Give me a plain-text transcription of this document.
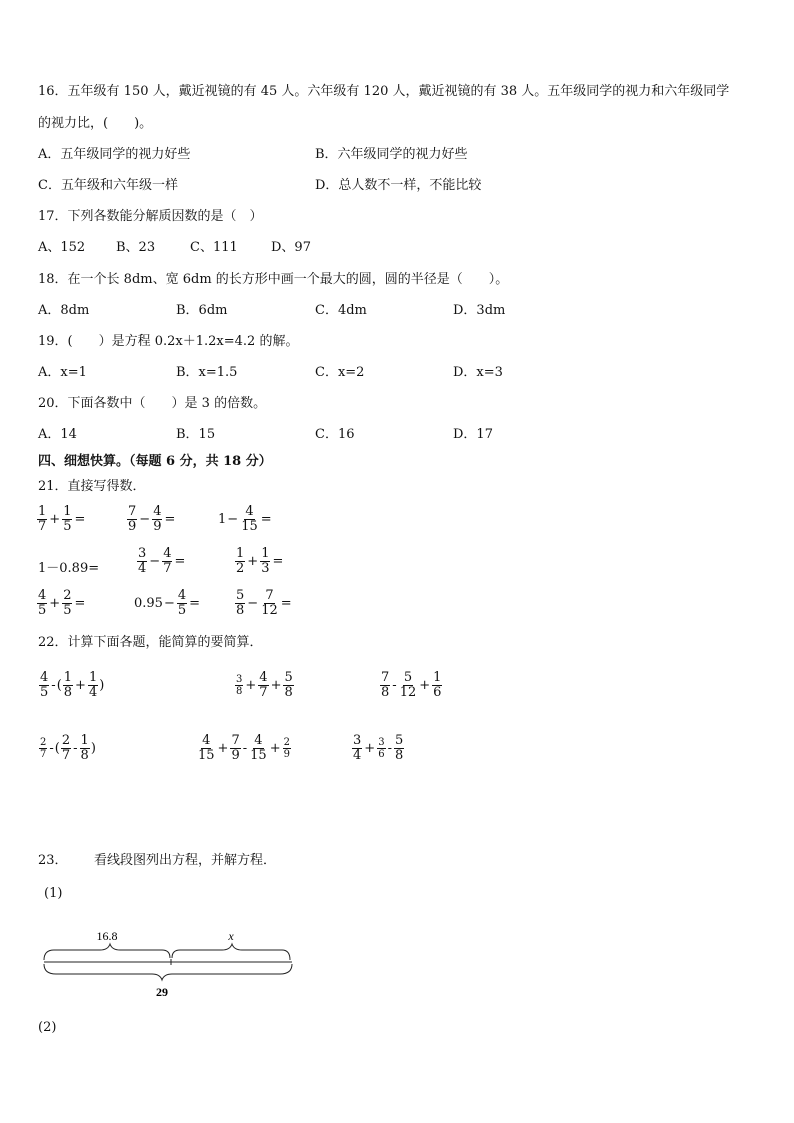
16．五年级有 150 人，戴近视镜的有 45 人。六年级有 120 人，戴近视镜的有 38 人。五年级同学的视力和六年级同学
的视力比，(　　)。
A．五年级同学的视力好些	B．六年级同学的视力好些
C．五年级和六年级一样	D．总人数不一样，不能比较
17．下列各数能分解质因数的是（　）
A、152 B、23	C、111	D、97
18．在一个长 8dm、宽 6dm 的长方形中画一个最大的圆，圆的半径是（　　）。
A．8dm	B．6dm	C．4dm	D．3dm
19．(　　）是方程 0.2x＋1.2x=4.2 的解。
A．x=1	B．x=1.5	C．x=2	D．x=3
20．下面各数中（　　）是 3 的倍数。
A．14	B．15	C．16	D．17
四、细想快算。（每题 6 分，共 18 分）
21．直接写得数．
$\frac{1}{7} + \frac{1}{5}$ =	$\frac{7}{9} - \frac{4}{9}$ =	$1 - \frac{4}{15}$ =
1－0.89=	$\frac{3}{4} - \frac{4}{7}$ =	$\frac{1}{2} + \frac{1}{3}$ =
$\frac{4}{5} + \frac{2}{5}$ =	$0.95 - \frac{4}{5}$ =	$\frac{5}{8} - \frac{7}{12}$ =
22．计算下面各题，能简算的要简算．
$\frac{4}{5}$ - ( $\frac{1}{8} + \frac{1}{4}$ )	$\frac{3}{8} + \frac{4}{7} + \frac{5}{8}$	$\frac{7}{8} - \frac{5}{12} + \frac{1}{6}$
$\frac{2}{7}$ - ( $\frac{2}{7} - \frac{1}{8}$ )	$\frac{4}{15} + \frac{7}{9} - \frac{4}{15} + \frac{2}{9}$	$\frac{3}{4} + \frac{3}{6} - \frac{5}{8}$
23． 看线段图列出方程，并解方程．
(1)
16.8	x
29
(2)
